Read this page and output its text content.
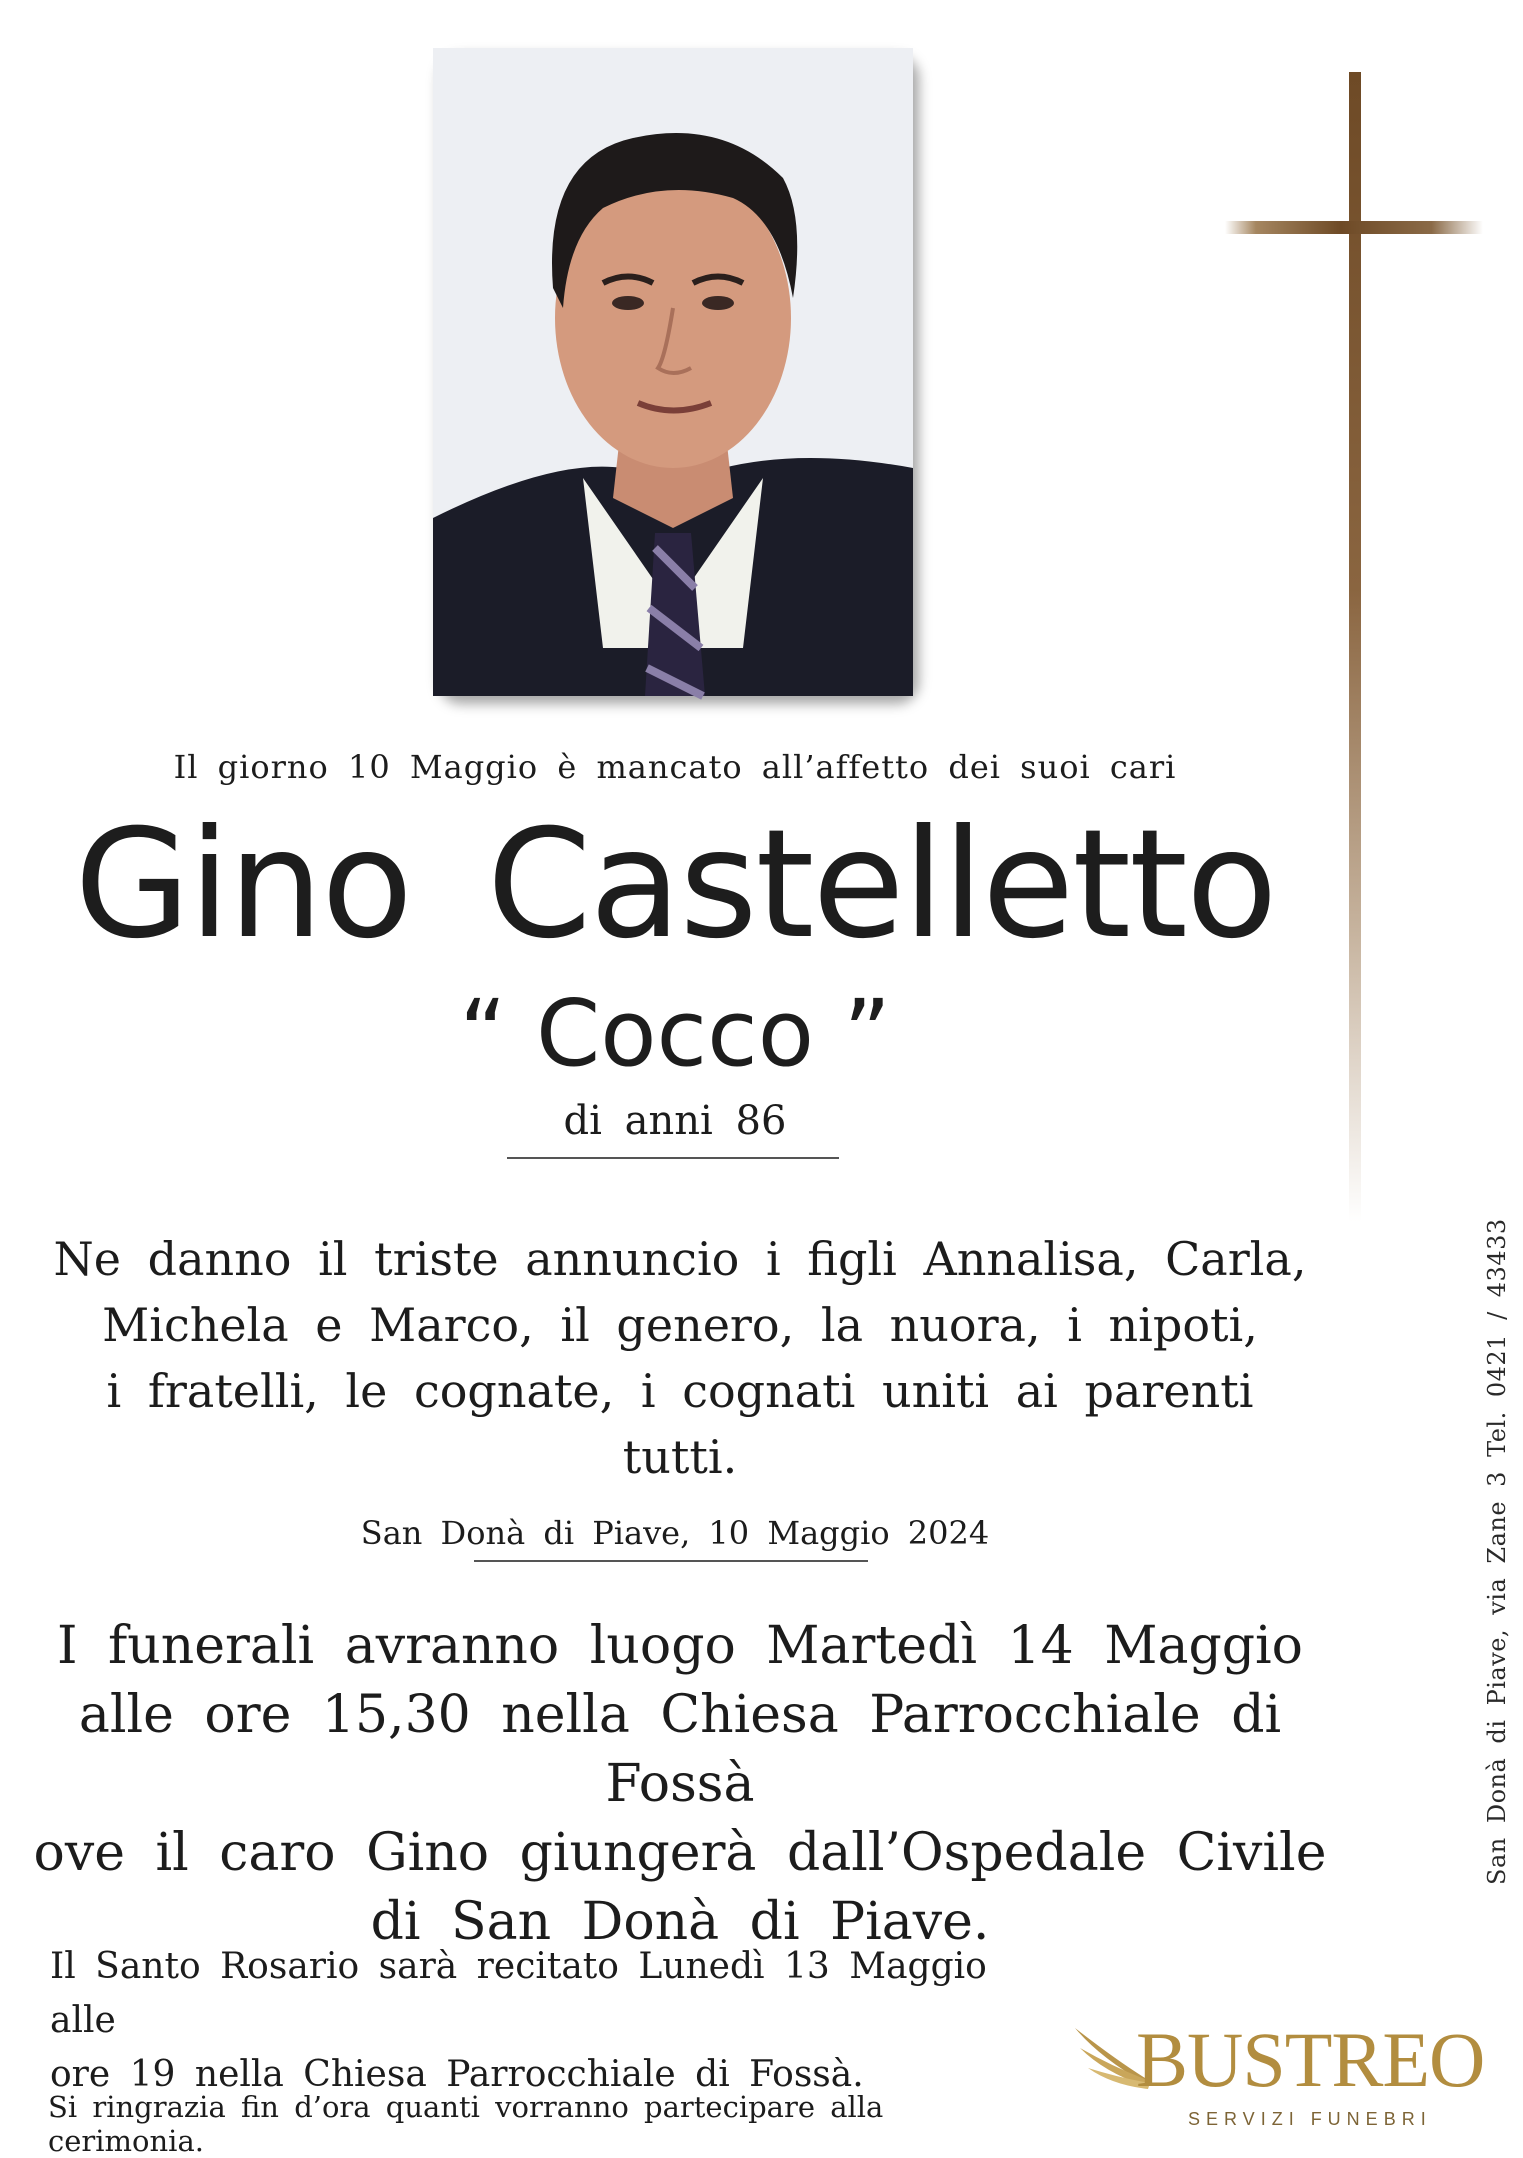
Il giorno 10 Maggio è mancato all’affetto dei suoi cari
Gino Castelletto
“ Cocco ”
di anni 86
Ne danno il triste annuncio i figli Annalisa, Carla,
Michela e Marco, il genero, la nuora, i nipoti,
i fratelli, le cognate, i cognati uniti ai parenti tutti.
San Donà di Piave, 10 Maggio 2024
I funerali avranno luogo Martedì 14 Maggio
alle ore 15,30 nella Chiesa Parrocchiale di Fossà
ove il caro Gino giungerà dall’Ospedale Civile
di San Donà di Piave.
Il Santo Rosario sarà recitato Lunedì 13 Maggio alle
ore 19 nella Chiesa Parrocchiale di Fossà.
Si ringrazia fin d’ora quanti vorranno partecipare alla cerimonia.
San Donà di Piave, via Zane 3 Tel. 0421 / 43433
BUSTREO
SERVIZI FUNEBRI
